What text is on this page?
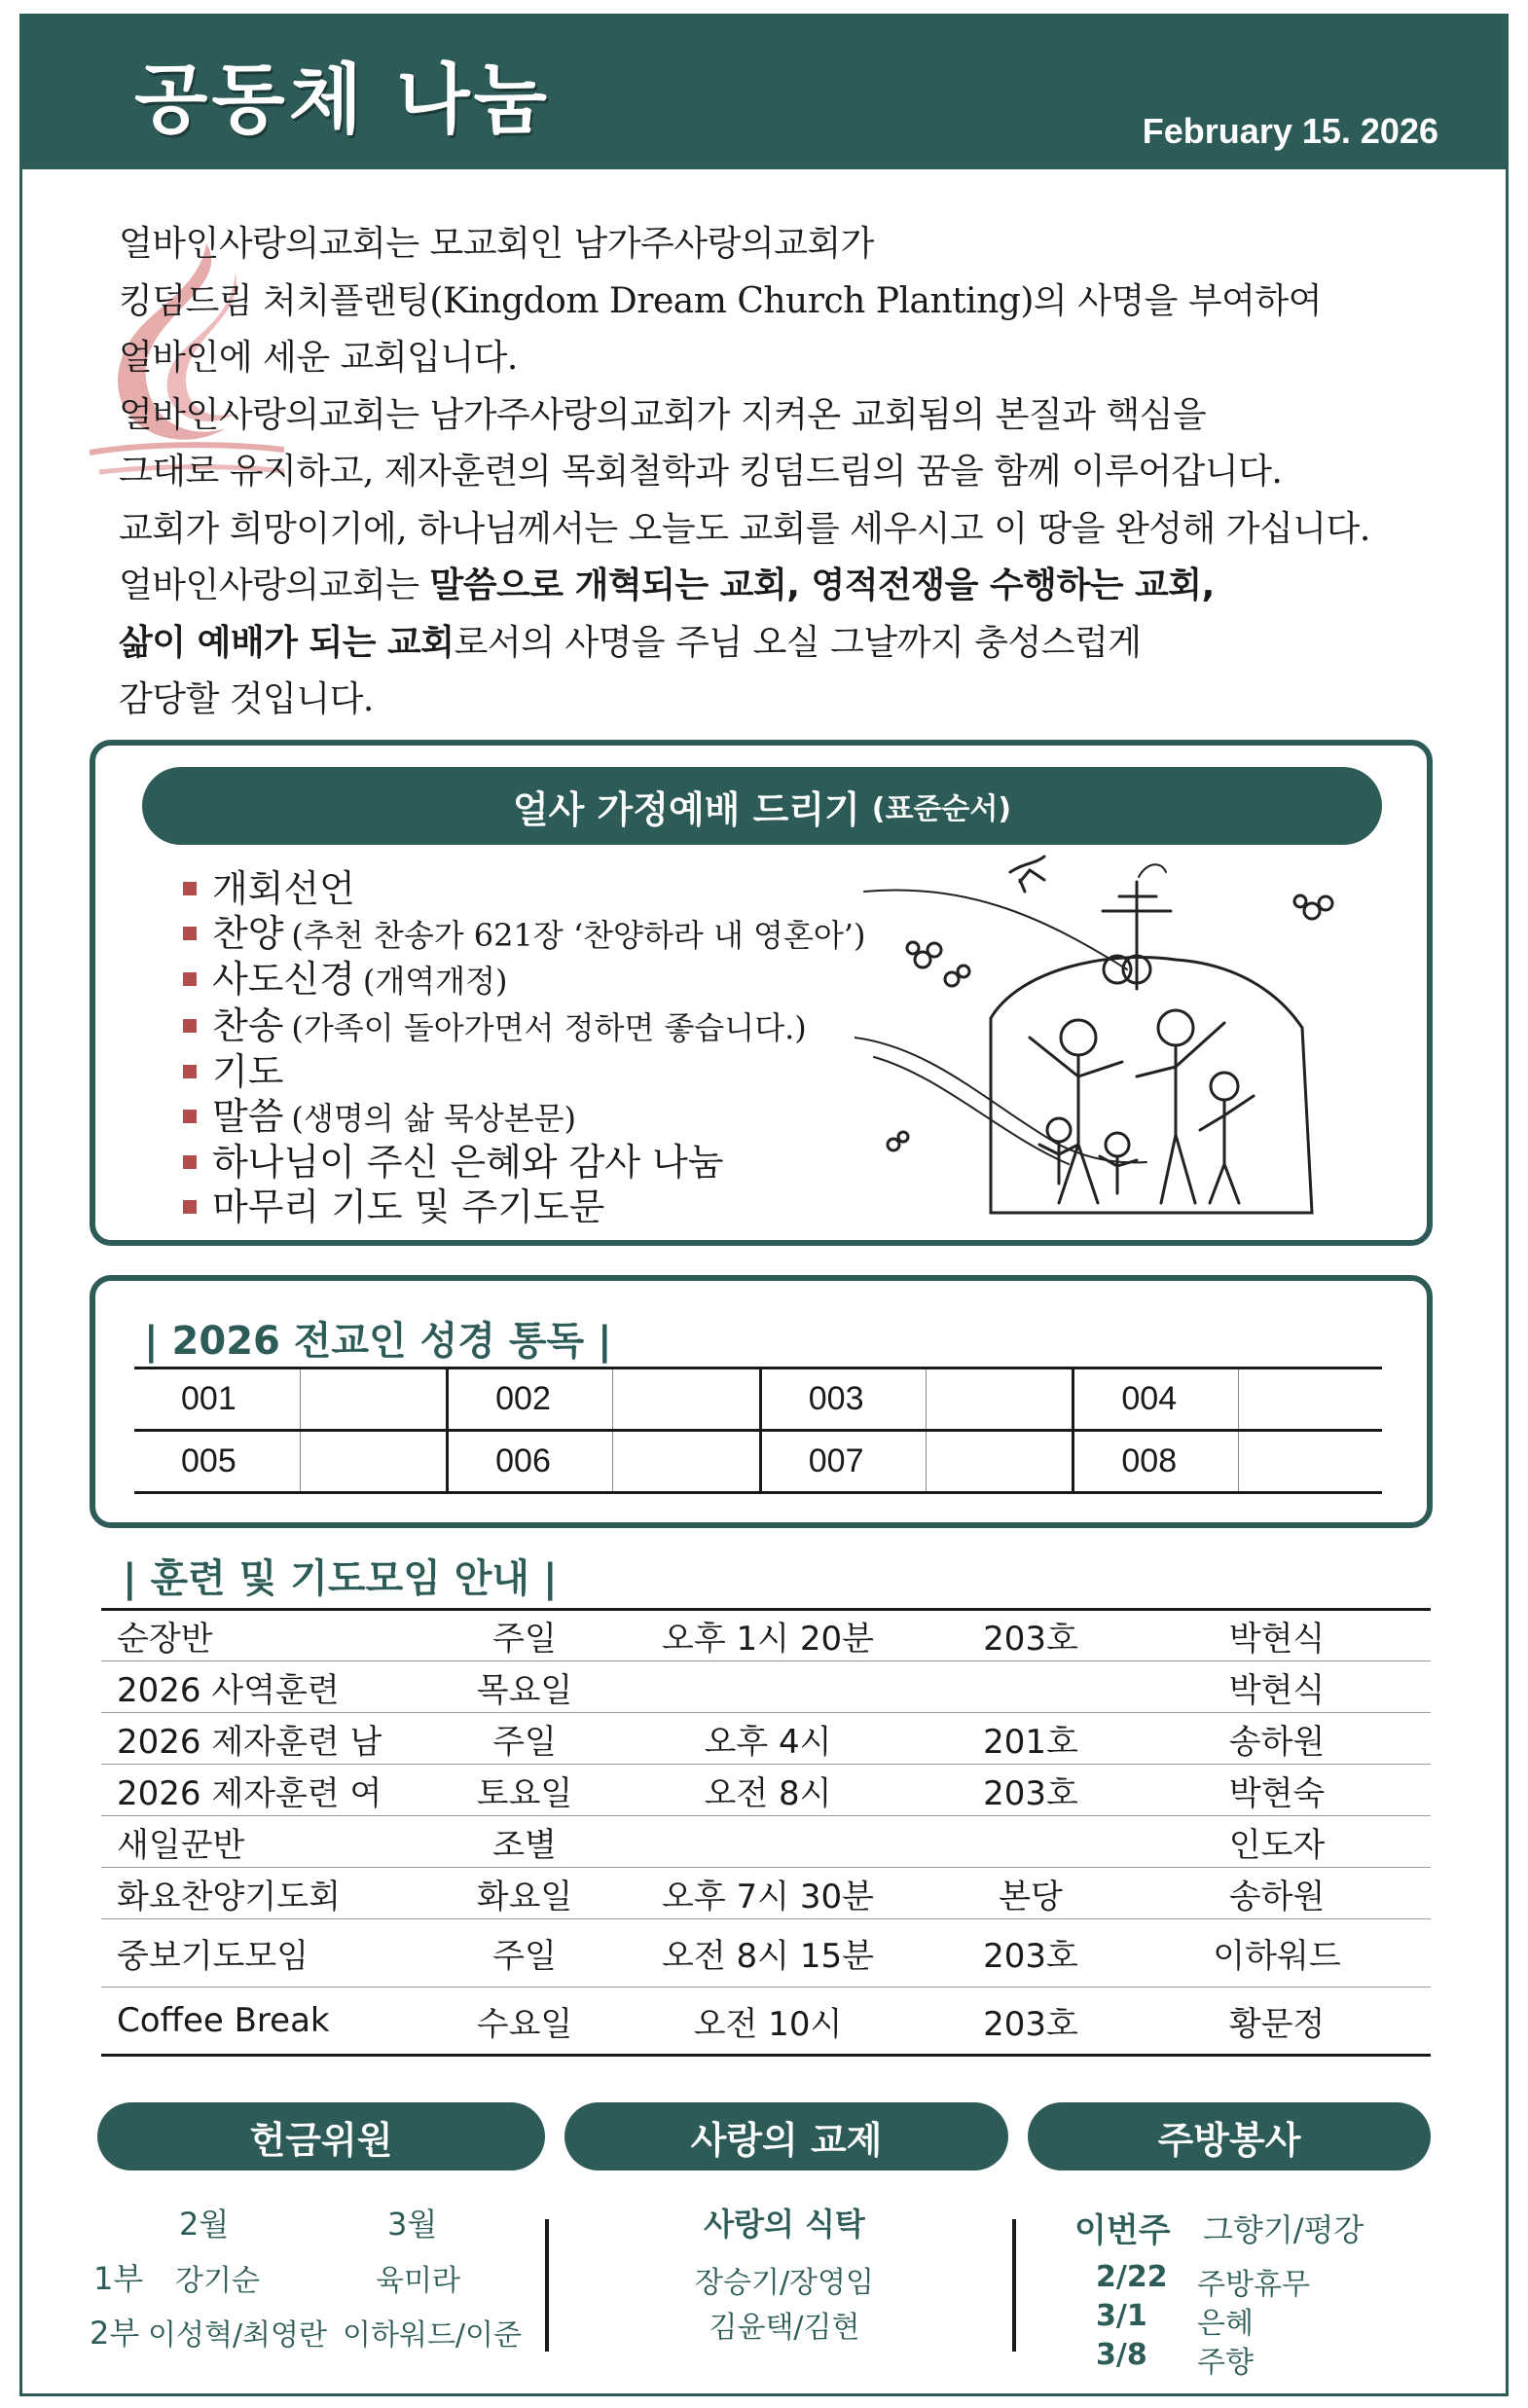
공동체 나눔	February 15. 2026
얼바인사랑의교회는 모교회인 남가주사랑의교회가
킹덤드림 처치플랜팅(Kingdom Dream Church Planting)의 사명을 부여하여
얼바인에 세운 교회입니다.
얼바인사랑의교회는 남가주사랑의교회가 지켜온 교회됨의 본질과 핵심을
그대로 유지하고, 제자훈련의 목회철학과 킹덤드림의 꿈을 함께 이루어갑니다.
교회가 희망이기에, 하나님께서는 오늘도 교회를 세우시고 이 땅을 완성해 가십니다.
얼바인사랑의교회는 말씀으로 개혁되는 교회, 영적전쟁을 수행하는 교회,
삶이 예배가 되는 교회로서의 사명을 주님 오실 그날까지 충성스럽게
감당할 것입니다.
얼사 가정예배 드리기 (표준순서)
개회선언
찬양 (추천 찬송가 621장 ‘찬양하라 내 영혼아’)
사도신경 (개역개정)
찬송 (가족이 돌아가면서 정하면 좋습니다.)
기도
말씀 (생명의 삶 묵상본문)
하나님이 주신 은혜와 감사 나눔
마무리 기도 및 주기도문
| 2026 전교인 성경 통독 |
001		002		003		004	
005		006		007		008	
| 훈련 및 기도모임 안내 |
순장반	주일	오후 1시 20분	203호	박현식
2026 사역훈련	목요일			박현식
2026 제자훈련 남	주일	오후 4시	201호	송하원
2026 제자훈련 여	토요일	오전 8시	203호	박현숙
새일꾼반	조별			인도자
화요찬양기도회	화요일	오후 7시 30분	본당	송하원
중보기도모임	주일	오전 8시 15분	203호	이하워드
Coffee Break	수요일	오전 10시	203호	황문정
헌금위원	사랑의 교제	주방봉사
2월	3월
1부 강기순	육미라
2부 이성혁/최영란 이하워드/이준
사랑의 식탁
장승기/장영임
김윤택/김현
이번주 그향기/평강
2/22 주방휴무
3/1 은혜
3/8 주향
